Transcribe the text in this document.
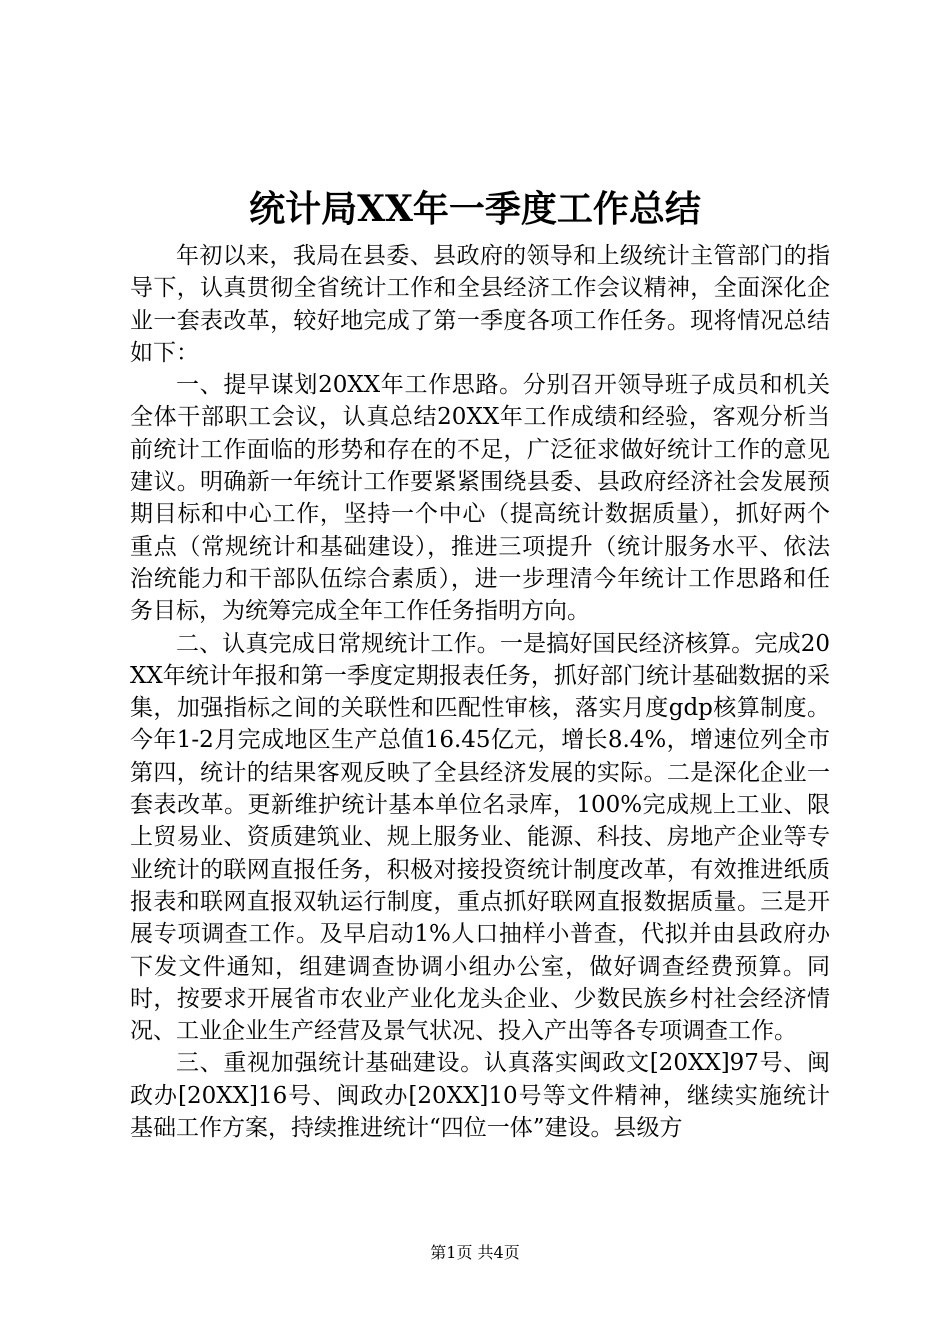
统计局XX年一季度工作总结

年初以来，我局在县委、县政府的领导和上级统计主管部门的指导下，认真贯彻全省统计工作和全县经济工作会议精神，全面深化企业一套表改革，较好地完成了第一季度各项工作任务。现将情况总结如下：

一、提早谋划20XX年工作思路。分别召开领导班子成员和机关全体干部职工会议，认真总结20XX年工作成绩和经验，客观分析当前统计工作面临的形势和存在的不足，广泛征求做好统计工作的意见建议。明确新一年统计工作要紧紧围绕县委、县政府经济社会发展预期目标和中心工作，坚持一个中心（提高统计数据质量），抓好两个重点（常规统计和基础建设），推进三项提升（统计服务水平、依法治统能力和干部队伍综合素质），进一步理清今年统计工作思路和任务目标，为统筹完成全年工作任务指明方向。

二、认真完成日常规统计工作。一是搞好国民经济核算。完成20XX年统计年报和第一季度定期报表任务，抓好部门统计基础数据的采集，加强指标之间的关联性和匹配性审核，落实月度gdp核算制度。今年1-2月完成地区生产总值16.45亿元，增长8.4%，增速位列全市第四，统计的结果客观反映了全县经济发展的实际。二是深化企业一套表改革。更新维护统计基本单位名录库，100%完成规上工业、限上贸易业、资质建筑业、规上服务业、能源、科技、房地产企业等专业统计的联网直报任务，积极对接投资统计制度改革，有效推进纸质报表和联网直报双轨运行制度，重点抓好联网直报数据质量。三是开展专项调查工作。及早启动1%人口抽样小普查，代拟并由县政府办下发文件通知，组建调查协调小组办公室，做好调查经费预算。同时，按要求开展省市农业产业化龙头企业、少数民族乡村社会经济情况、工业企业生产经营及景气状况、投入产出等各专项调查工作。

三、重视加强统计基础建设。认真落实闽政文[20XX]97号、闽政办[20XX]16号、闽政办[20XX]10号等文件精神，继续实施统计基础工作方案，持续推进统计“四位一体”建设。县级方

第1页 共4页
